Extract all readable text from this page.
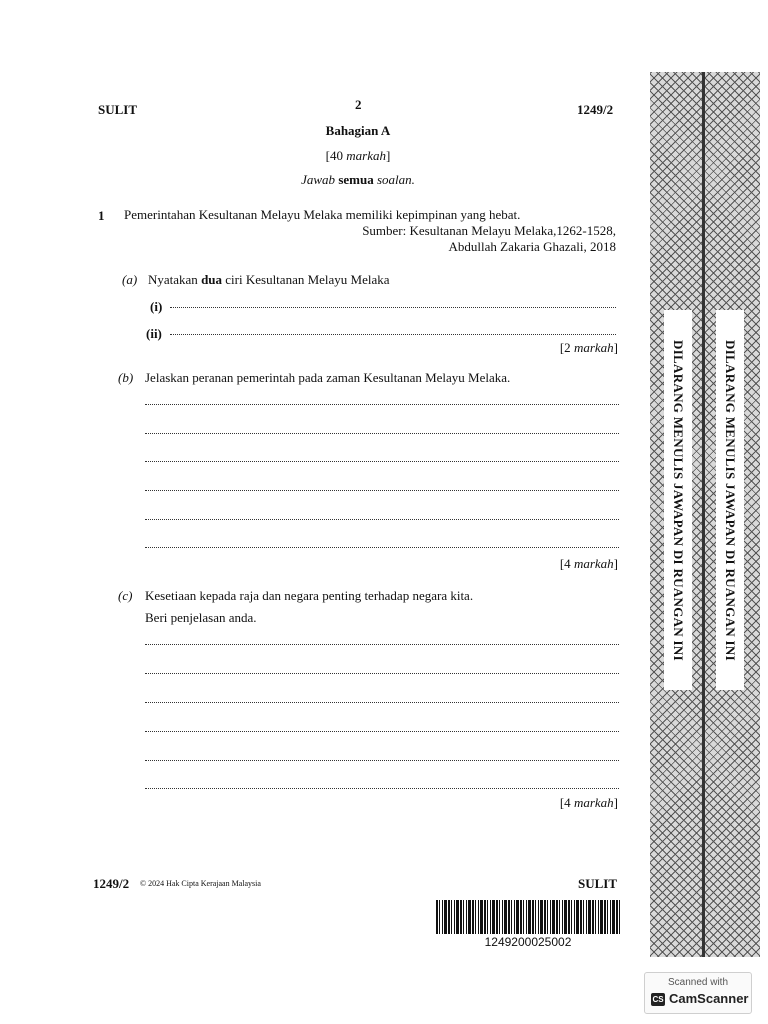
SULIT	2	1249/2
Bahagian A
[40 markah]
Jawab semua soalan.
1 Pemerintahan Kesultanan Melayu Melaka memiliki kepimpinan yang hebat.
Sumber: Kesultanan Melayu Melaka,1262-1528,
Abdullah Zakaria Ghazali, 2018
(a) Nyatakan dua ciri Kesultanan Melayu Melaka
(i)
(ii)
[2 markah]
(b) Jelaskan peranan pemerintah pada zaman Kesultanan Melayu Melaka.
[4 markah]
(c) Kesetiaan kepada raja dan negara penting terhadap negara kita.
Beri penjelasan anda.
[4 markah]
1249/2 © 2024 Hak Cipta Kerajaan Malaysia	SULIT
1249200025002
DILARANG MENULIS JAWAPAN DI RUANGAN INI	DILARANG MENULIS JAWAPAN DI RUANGAN INI
Scanned with
CS CamScanner
